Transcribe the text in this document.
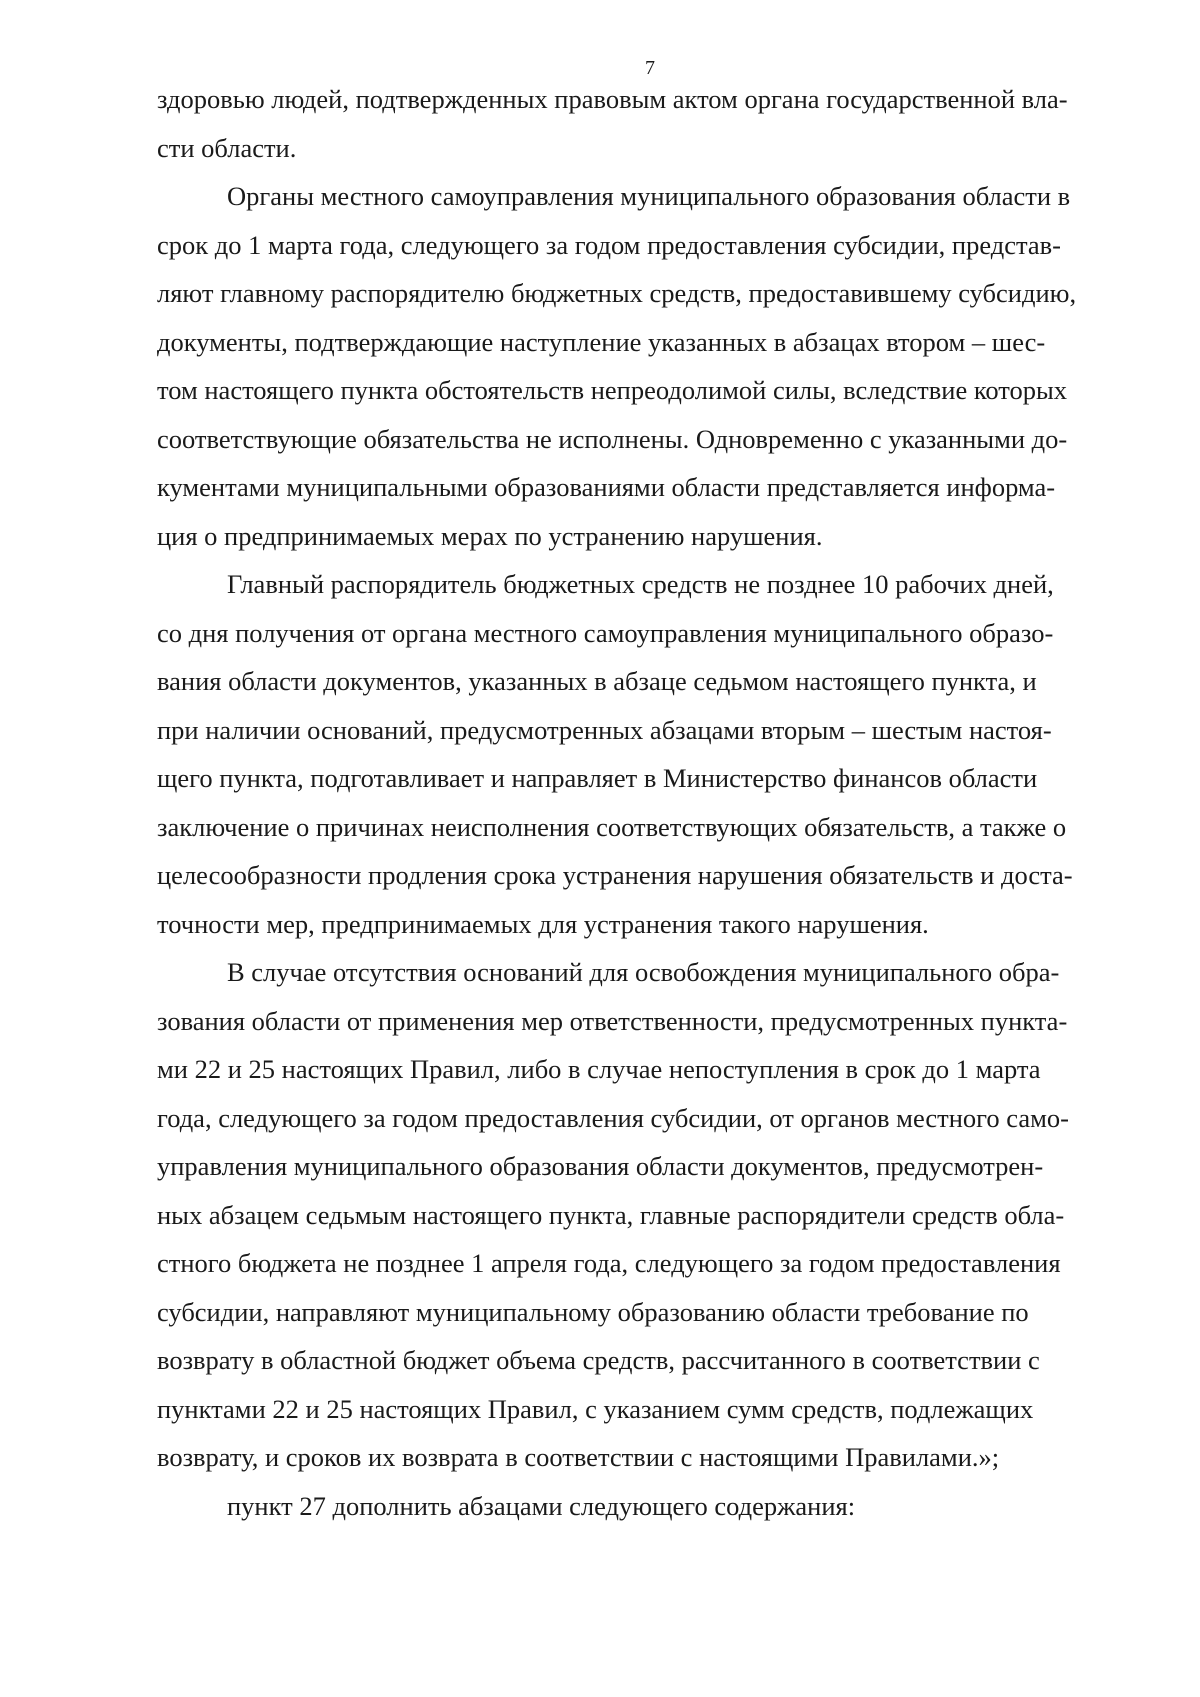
7
здоровью людей, подтвержденных правовым актом органа государственной вла-
сти области.
Органы местного самоуправления муниципального образования области в
срок до 1 марта года, следующего за годом предоставления субсидии, представ-
ляют главному распорядителю бюджетных средств, предоставившему субсидию,
документы, подтверждающие наступление указанных в абзацах втором – шес-
том настоящего пункта обстоятельств непреодолимой силы, вследствие которых
соответствующие обязательства не исполнены. Одновременно с указанными до-
кументами муниципальными образованиями области представляется информа-
ция о предпринимаемых мерах по устранению нарушения.
Главный распорядитель бюджетных средств не позднее 10 рабочих дней,
со дня получения от органа местного самоуправления муниципального образо-
вания области документов, указанных в абзаце седьмом настоящего пункта, и
при наличии оснований, предусмотренных абзацами вторым – шестым настоя-
щего пункта, подготавливает и направляет в Министерство финансов области
заключение о причинах неисполнения соответствующих обязательств, а также о
целесообразности продления срока устранения нарушения обязательств и доста-
точности мер, предпринимаемых для устранения такого нарушения.
В случае отсутствия оснований для освобождения муниципального обра-
зования области от применения мер ответственности, предусмотренных пункта-
ми 22 и 25 настоящих Правил, либо в случае непоступления в срок до 1 марта
года, следующего за годом предоставления субсидии, от органов местного само-
управления муниципального образования области документов, предусмотрен-
ных абзацем седьмым настоящего пункта, главные распорядители средств обла-
стного бюджета не позднее 1 апреля года, следующего за годом предоставления
субсидии, направляют муниципальному образованию области требование по
возврату в областной бюджет объема средств, рассчитанного в соответствии с
пунктами 22 и 25 настоящих Правил, с указанием сумм средств, подлежащих
возврату, и сроков их возврата в соответствии с настоящими Правилами.»;
пункт 27 дополнить абзацами следующего содержания:
